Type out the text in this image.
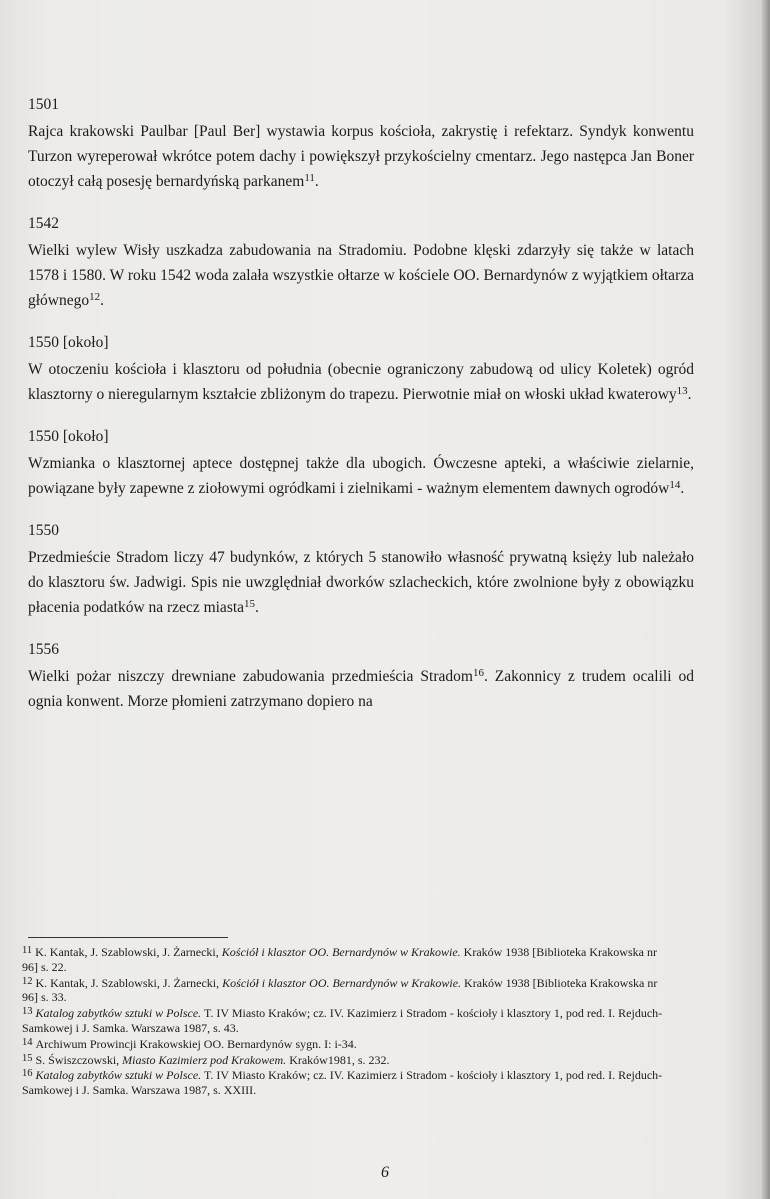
1501

Rajca krakowski Paulbar [Paul Ber] wystawia korpus kościoła, zakrystię i refektarz. Syndyk konwentu Turzon wyreperował wkrótce potem dachy i powiększył przykościelny cmentarz. Jego następca Jan Boner otoczył całą posesję bernardyńską parkanem$^{11}$.

1542

Wielki wylew Wisły uszkadza zabudowania na Stradomiu. Podobne klęski zdarzyły się także w latach 1578 i 1580. W roku 1542 woda zalała wszystkie ołtarze w kościele OO. Bernardynów z wyjątkiem ołtarza głównego$^{12}$.

1550 [około]

W otoczeniu kościoła i klasztoru od południa (obecnie ograniczony zabudową od ulicy Koletek) ogród klasztorny o nieregularnym kształcie zbliżonym do trapezu. Pierwotnie miał on włoski układ kwaterowy$^{13}$.

1550 [około]

Wzmianka o klasztornej aptece dostępnej także dla ubogich. Ówczesne apteki, a właściwie zielarnie, powiązane były zapewne z ziołowymi ogródkami i zielnikami - ważnym elementem dawnych ogrodów$^{14}$.

1550

Przedmieście Stradom liczy 47 budynków, z których 5 stanowiło własność prywatną księży lub należało do klasztoru św. Jadwigi. Spis nie uwzględniał dworków szlacheckich, które zwolnione były z obowiązku płacenia podatków na rzecz miasta$^{15}$.

1556

Wielki pożar niszczy drewniane zabudowania przedmieścia Stradom$^{16}$. Zakonnicy z trudem ocalili od ognia konwent. Morze płomieni zatrzymano dopiero na

11 K. Kantak, J. Szablowski, J. Żarnecki, Kościół i klasztor OO. Bernardynów w Krakowie. Kraków 1938 [Biblioteka Krakowska nr 96] s. 22.

12 K. Kantak, J. Szablowski, J. Żarnecki, Kościół i klasztor OO. Bernardynów w Krakowie. Kraków 1938 [Biblioteka Krakowska nr 96] s. 33.

13 Katalog zabytków sztuki w Polsce. T. IV Miasto Kraków; cz. IV. Kazimierz i Stradom - kościoły i klasztory 1, pod red. I. Rejduch-Samkowej i J. Samka. Warszawa 1987, s. 43.

14 Archiwum Prowincji Krakowskiej OO. Bernardynów sygn. I: i-34.

15 S. Świszczowski, Miasto Kazimierz pod Krakowem. Kraków1981, s. 232.

16 Katalog zabytków sztuki w Polsce. T. IV Miasto Kraków; cz. IV. Kazimierz i Stradom - kościoły i klasztory 1, pod red. I. Rejduch-Samkowej i J. Samka. Warszawa 1987, s. XXIII.

6
